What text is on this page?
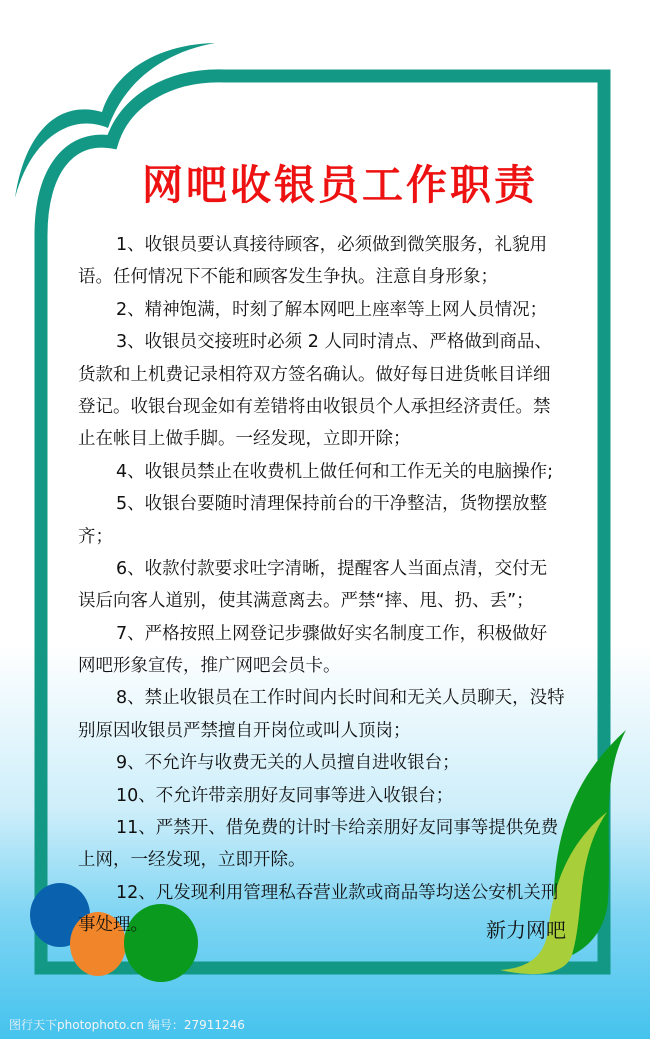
网吧收银员工作职责
1、收银员要认真接待顾客，必须做到微笑服务，礼貌用
语。任何情况下不能和顾客发生争执。注意自身形象；
2、精神饱满，时刻了解本网吧上座率等上网人员情况；
3、收银员交接班时必须 2 人同时清点、严格做到商品、
货款和上机费记录相符双方签名确认。做好每日进货帐目详细
登记。收银台现金如有差错将由收银员个人承担经济责任。禁
止在帐目上做手脚。一经发现，立即开除；
4、收银员禁止在收费机上做任何和工作无关的电脑操作;
5、收银台要随时清理保持前台的干净整洁，货物摆放整
齐；
6、收款付款要求吐字清晰，提醒客人当面点清，交付无
误后向客人道别，使其满意离去。严禁“摔、甩、扔、丢”；
7、严格按照上网登记步骤做好实名制度工作，积极做好
网吧形象宣传，推广网吧会员卡。
8、禁止收银员在工作时间内长时间和无关人员聊天，没特
别原因收银员严禁擅自开岗位或叫人顶岗；
9、不允许与收费无关的人员擅自进收银台；
10、不允许带亲朋好友同事等进入收银台；
11、严禁开、借免费的计时卡给亲朋好友同事等提供免费
上网，一经发现，立即开除。
12、凡发现利用管理私吞营业款或商品等均送公安机关刑
事处理。	新力网吧
图行天下photophoto.cn 编号：27911246
